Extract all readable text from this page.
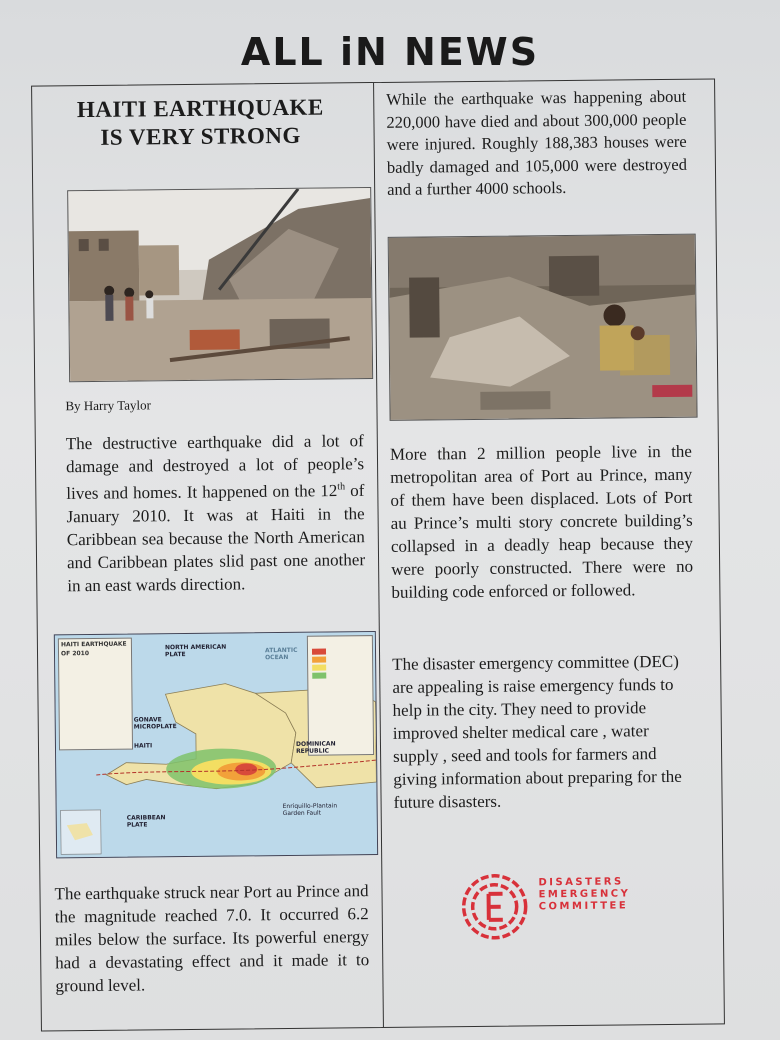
ALL iN NEWS
HAITI EARTHQUAKE
IS VERY STRONG
By Harry Taylor
The destructive earthquake did a lot of damage and destroyed a lot of people’s lives and homes. It happened on the 12th of January 2010. It was at Haiti in the Caribbean sea because the North American and Caribbean plates slid past one another in an east wards direction.
HAITI EARTHQUAKE
OF 2010
NORTH AMERICAN PLATE
ATLANTIC OCEAN
GONAVE MICROPLATE
HAITI	DOMINICAN REPUBLIC
CARIBBEAN PLATE
Enriquillo-Plantain Garden Fault
The earthquake struck near Port au Prince and the magnitude reached 7.0. It occurred 6.2 miles below the surface. Its powerful energy had a devastating effect and it made it to ground level.
While the earthquake was happening about 220,000 have died and about 300,000 people were injured. Roughly 188,383 houses were badly damaged and 105,000 were destroyed and a further 4000 schools.
More than 2 million people live in the metropolitan area of Port au Prince, many of them have been displaced. Lots of Port au Prince’s multi story concrete building’s collapsed in a deadly heap because they were poorly constructed. There were no building code enforced or followed.
The disaster emergency committee (DEC) are appealing is raise emergency funds to help in the city. They need to provide improved shelter medical care , water supply , seed and tools for farmers and giving information about preparing for the future disasters.
DISASTERS
EMERGENCY
COMMITTEE
